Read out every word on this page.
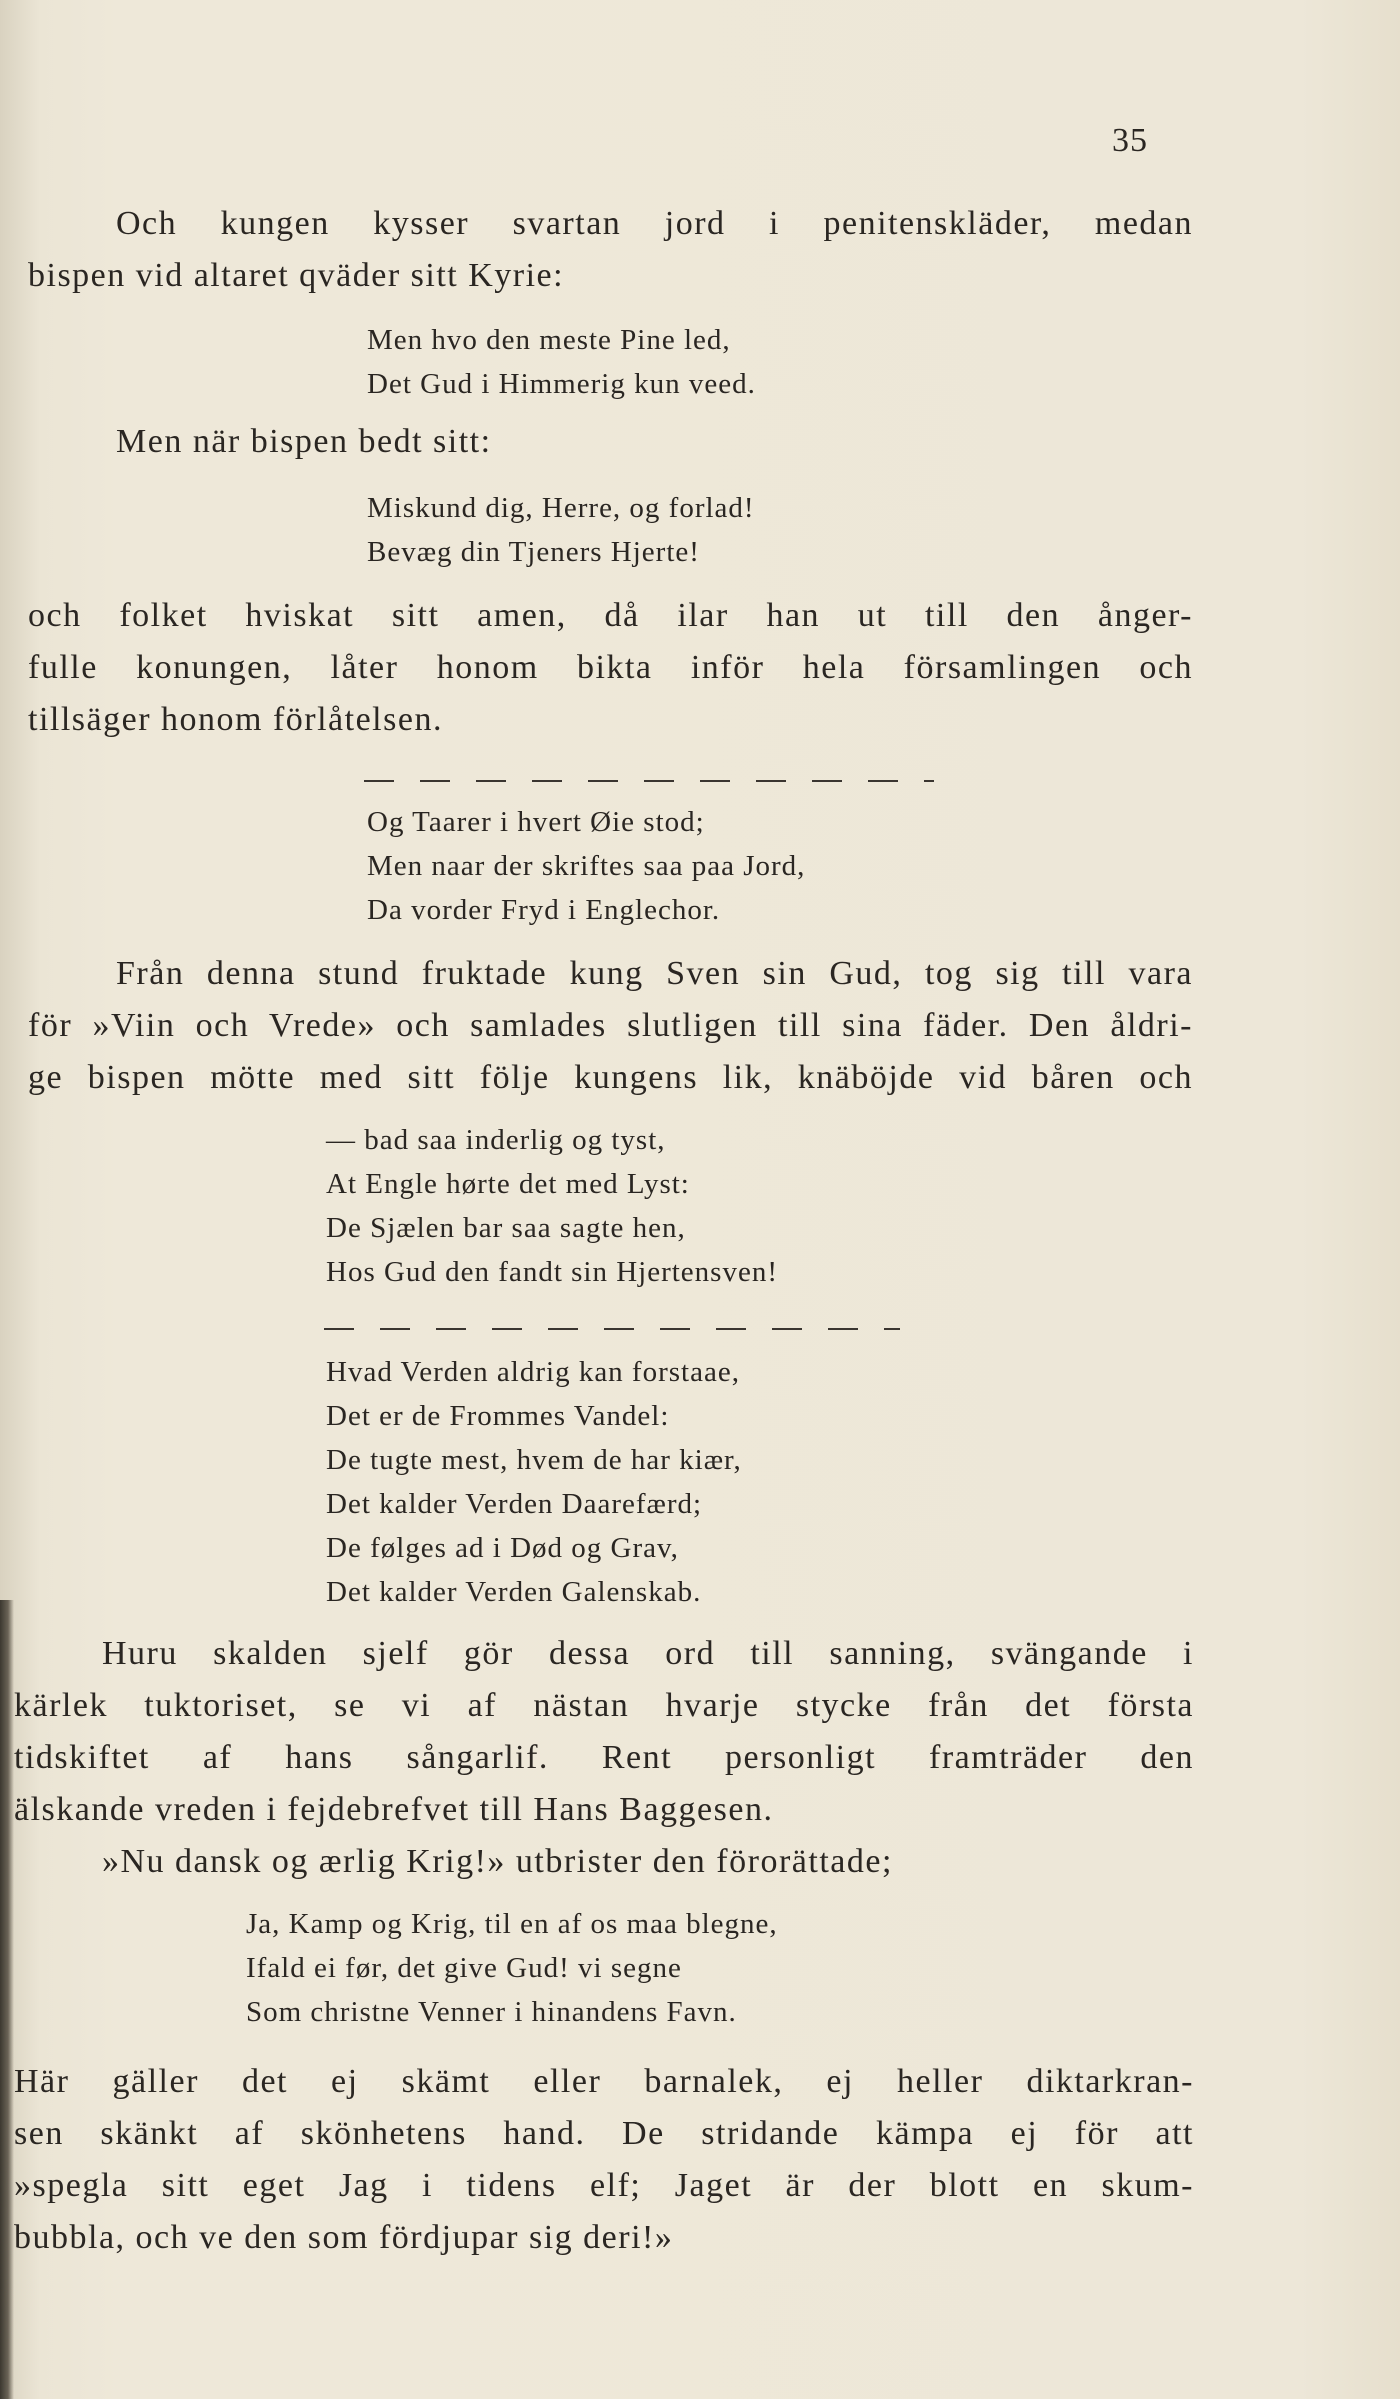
35

Och kungen kysser svartan jord i penitenskläder, medan
bispen vid altaret qväder sitt Kyrie:

Men hvo den meste Pine led,
Det Gud i Himmerig kun veed.

Men när bispen bedt sitt:

Miskund dig, Herre, og forlad!
Bevæg din Tjeners Hjerte!

och folket hviskat sitt amen, då ilar han ut till den ånger-
fulle konungen, låter honom bikta inför hela församlingen och
tillsäger honom förlåtelsen.

Og Taarer i hvert Øie stod;
Men naar der skriftes saa paa Jord,
Da vorder Fryd i Englechor.

Från denna stund fruktade kung Sven sin Gud, tog sig till vara
för »Viin och Vrede» och samlades slutligen till sina fäder. Den åldri-
ge bispen mötte med sitt följe kungens lik, knäböjde vid båren och

— bad saa inderlig og tyst,
At Engle hørte det med Lyst:
De Sjælen bar saa sagte hen,
Hos Gud den fandt sin Hjertensven!
Hvad Verden aldrig kan forstaae,
Det er de Frommes Vandel:
De tugte mest, hvem de har kiær,
Det kalder Verden Daarefærd;
De følges ad i Død og Grav,
Det kalder Verden Galenskab.

Huru skalden sjelf gör dessa ord till sanning, svängande i
kärlek tuktoriset, se vi af nästan hvarje stycke från det första
tidskiftet af hans sångarlif. Rent personligt framträder den
älskande vreden i fejdebrefvet till Hans Baggesen.

»Nu dansk og ærlig Krig!» utbrister den förorättade;

Ja, Kamp og Krig, til en af os maa blegne,
Ifald ei før, det give Gud! vi segne
Som christne Venner i hinandens Favn.

Här gäller det ej skämt eller barnalek, ej heller diktarkran-
sen skänkt af skönhetens hand. De stridande kämpa ej för att
»spegla sitt eget Jag i tidens elf; Jaget är der blott en skum-
bubbla, och ve den som fördjupar sig deri!»
